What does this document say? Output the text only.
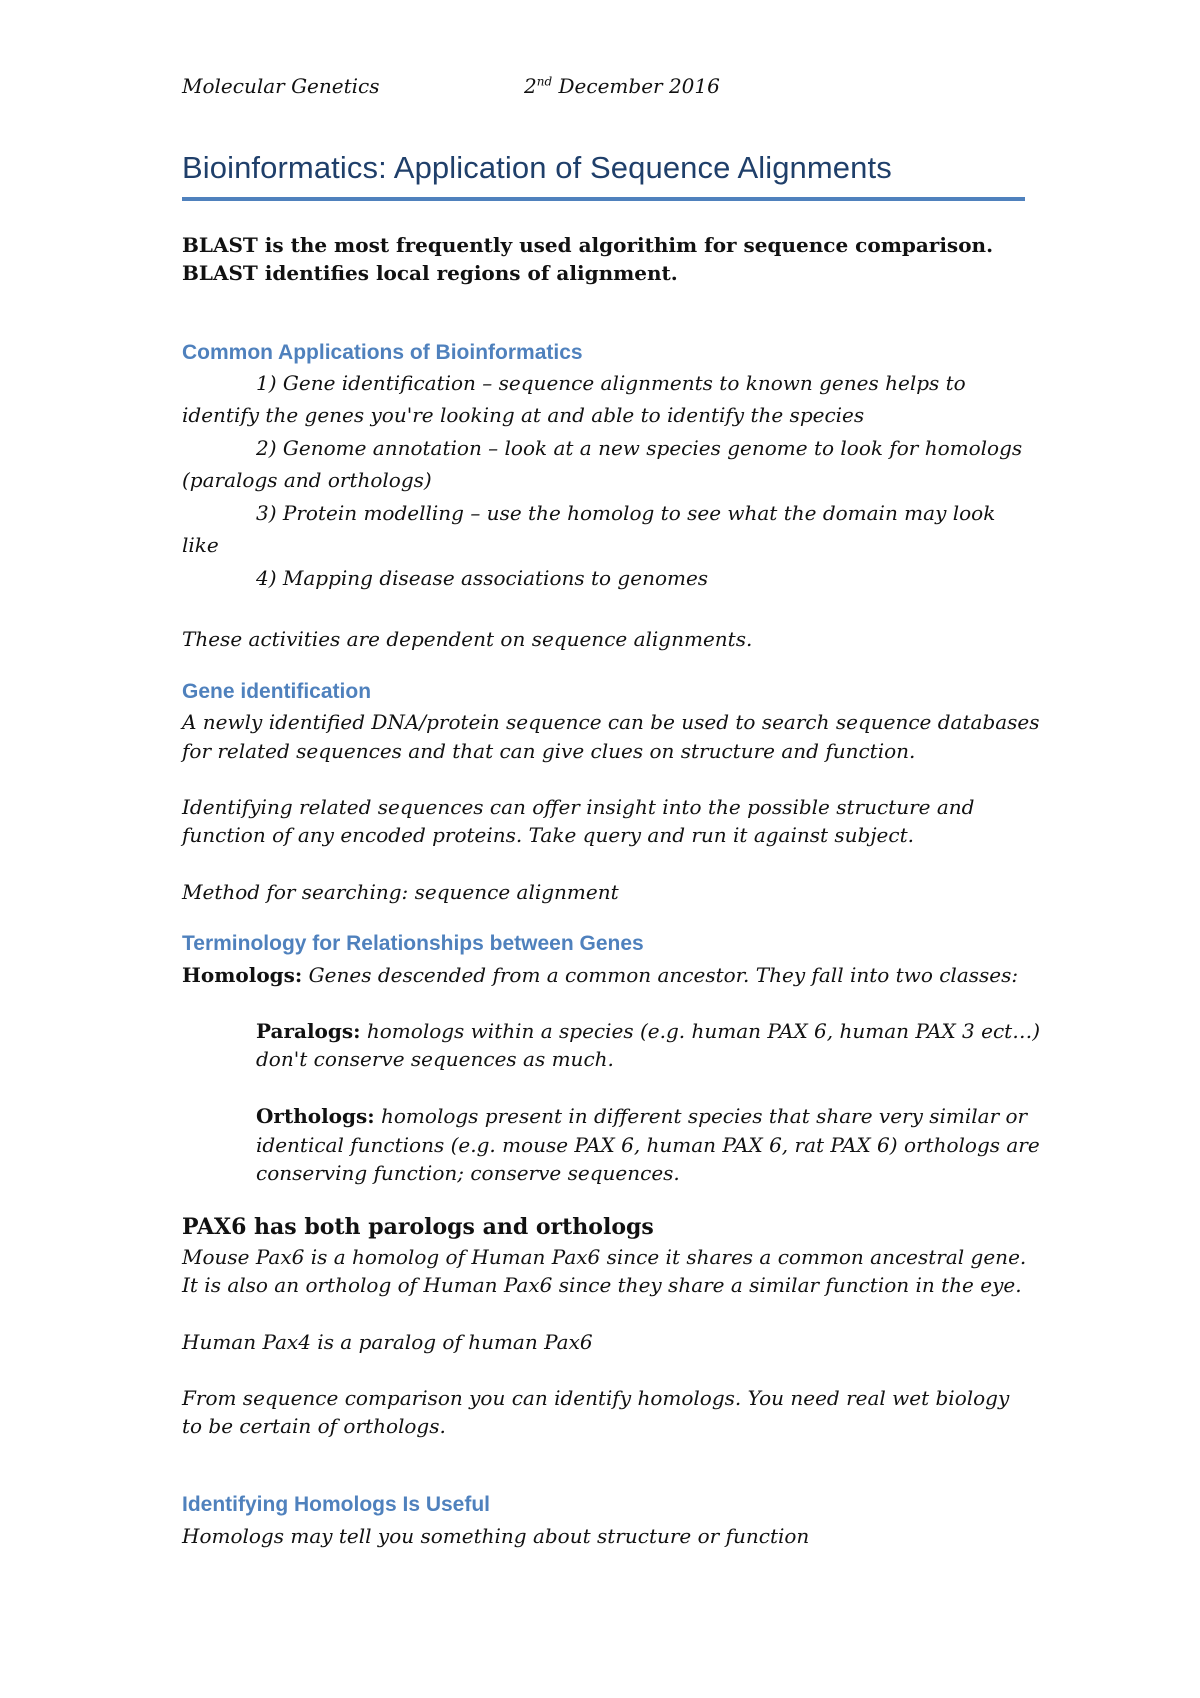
Molecular Genetics	2nd December 2016
Bioinformatics: Application of Sequence Alignments
BLAST is the most frequently used algorithim for sequence comparison.
BLAST identifies local regions of alignment.
Common Applications of Bioinformatics
1) Gene identification – sequence alignments to known genes helps to
identify the genes you're looking at and able to identify the species
2) Genome annotation – look at a new species genome to look for homologs
(paralogs and orthologs)
3) Protein modelling – use the homolog to see what the domain may look
like
4) Mapping disease associations to genomes
These activities are dependent on sequence alignments.
Gene identification
A newly identified DNA/protein sequence can be used to search sequence databases
for related sequences and that can give clues on structure and function.
Identifying related sequences can offer insight into the possible structure and
function of any encoded proteins. Take query and run it against subject.
Method for searching: sequence alignment
Terminology for Relationships between Genes
Homologs: Genes descended from a common ancestor. They fall into two classes:
Paralogs: homologs within a species (e.g. human PAX 6, human PAX 3 ect…)
don't conserve sequences as much.
Orthologs: homologs present in different species that share very similar or
identical functions (e.g. mouse PAX 6, human PAX 6, rat PAX 6) orthologs are
conserving function; conserve sequences.
PAX6 has both parologs and orthologs
Mouse Pax6 is a homolog of Human Pax6 since it shares a common ancestral gene.
It is also an ortholog of Human Pax6 since they share a similar function in the eye.
Human Pax4 is a paralog of human Pax6
From sequence comparison you can identify homologs. You need real wet biology
to be certain of orthologs.
Identifying Homologs Is Useful
Homologs may tell you something about structure or function
